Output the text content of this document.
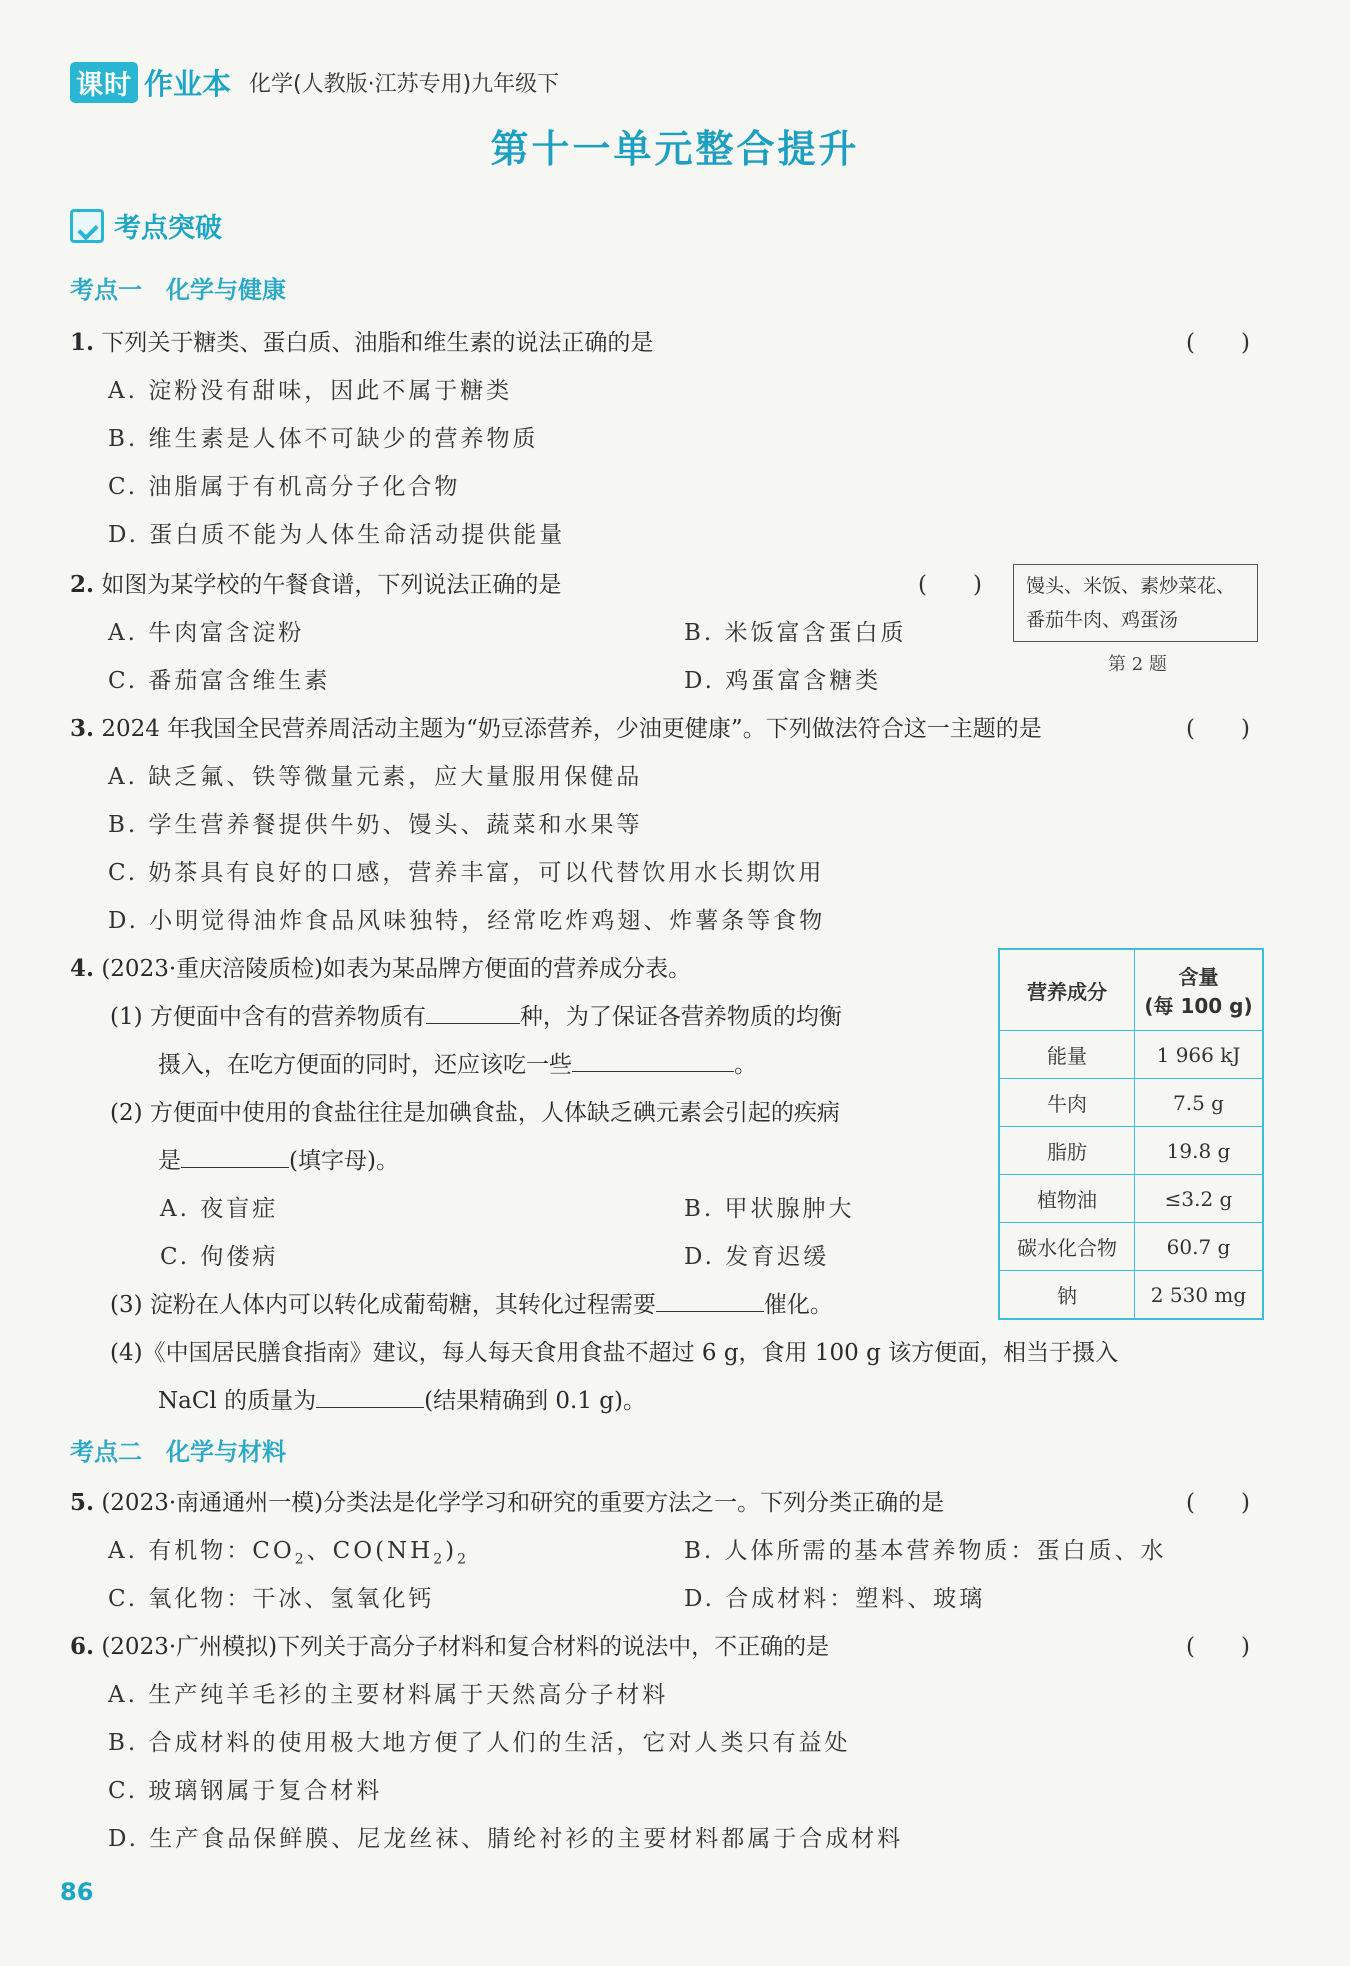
课时 作业本 化学(人教版·江苏专用)九年级下
第十一单元整合提升
考点突破
考点一　化学与健康
1. 下列关于糖类、蛋白质、油脂和维生素的说法正确的是	(　　)
A. 淀粉没有甜味，因此不属于糖类
B. 维生素是人体不可缺少的营养物质
C. 油脂属于有机高分子化合物
D. 蛋白质不能为人体生命活动提供能量
2. 如图为某学校的午餐食谱，下列说法正确的是	(　　)
A. 牛肉富含淀粉	B. 米饭富含蛋白质
C. 番茄富含维生素	D. 鸡蛋富含糖类
馒头、米饭、素炒菜花、番茄牛肉、鸡蛋汤
第 2 题
3. 2024 年我国全民营养周活动主题为“奶豆添营养，少油更健康”。下列做法符合这一主题的是	(　　)
A. 缺乏氟、铁等微量元素，应大量服用保健品
B. 学生营养餐提供牛奶、馒头、蔬菜和水果等
C. 奶茶具有良好的口感，营养丰富，可以代替饮用水长期饮用
D. 小明觉得油炸食品风味独特，经常吃炸鸡翅、炸薯条等食物
4. (2023·重庆涪陵质检)如表为某品牌方便面的营养成分表。
(1) 方便面中含有的营养物质有	种，为了保证各营养物质的均衡
摄入，在吃方便面的同时，还应该吃一些	。
(2) 方便面中使用的食盐往往是加碘食盐，人体缺乏碘元素会引起的疾病
是	(填字母)。
A. 夜盲症	B. 甲状腺肿大
C. 佝偻病	D. 发育迟缓
(3) 淀粉在人体内可以转化成葡萄糖，其转化过程需要	催化。
(4)《中国居民膳食指南》建议，每人每天食用食盐不超过 6 g，食用 100 g 该方便面，相当于摄入
NaCl 的质量为	(结果精确到 0.1 g)。
营养成分	含量
(每 100 g)

能量	1 966 kJ
牛肉	7.5 g
脂肪	19.8 g
植物油	≤3.2 g
碳水化合物	60.7 g
钠	2 530 mg
考点二　化学与材料
5. (2023·南通通州一模)分类法是化学学习和研究的重要方法之一。下列分类正确的是	(　　)
A. 有机物：$CO_2$、$CO(NH_2)_2$	B. 人体所需的基本营养物质：蛋白质、水
C. 氧化物：干冰、氢氧化钙	D. 合成材料：塑料、玻璃
6. (2023·广州模拟)下列关于高分子材料和复合材料的说法中，不正确的是	(　　)
A. 生产纯羊毛衫的主要材料属于天然高分子材料
B. 合成材料的使用极大地方便了人们的生活，它对人类只有益处
C. 玻璃钢属于复合材料
D. 生产食品保鲜膜、尼龙丝袜、腈纶衬衫的主要材料都属于合成材料
86
